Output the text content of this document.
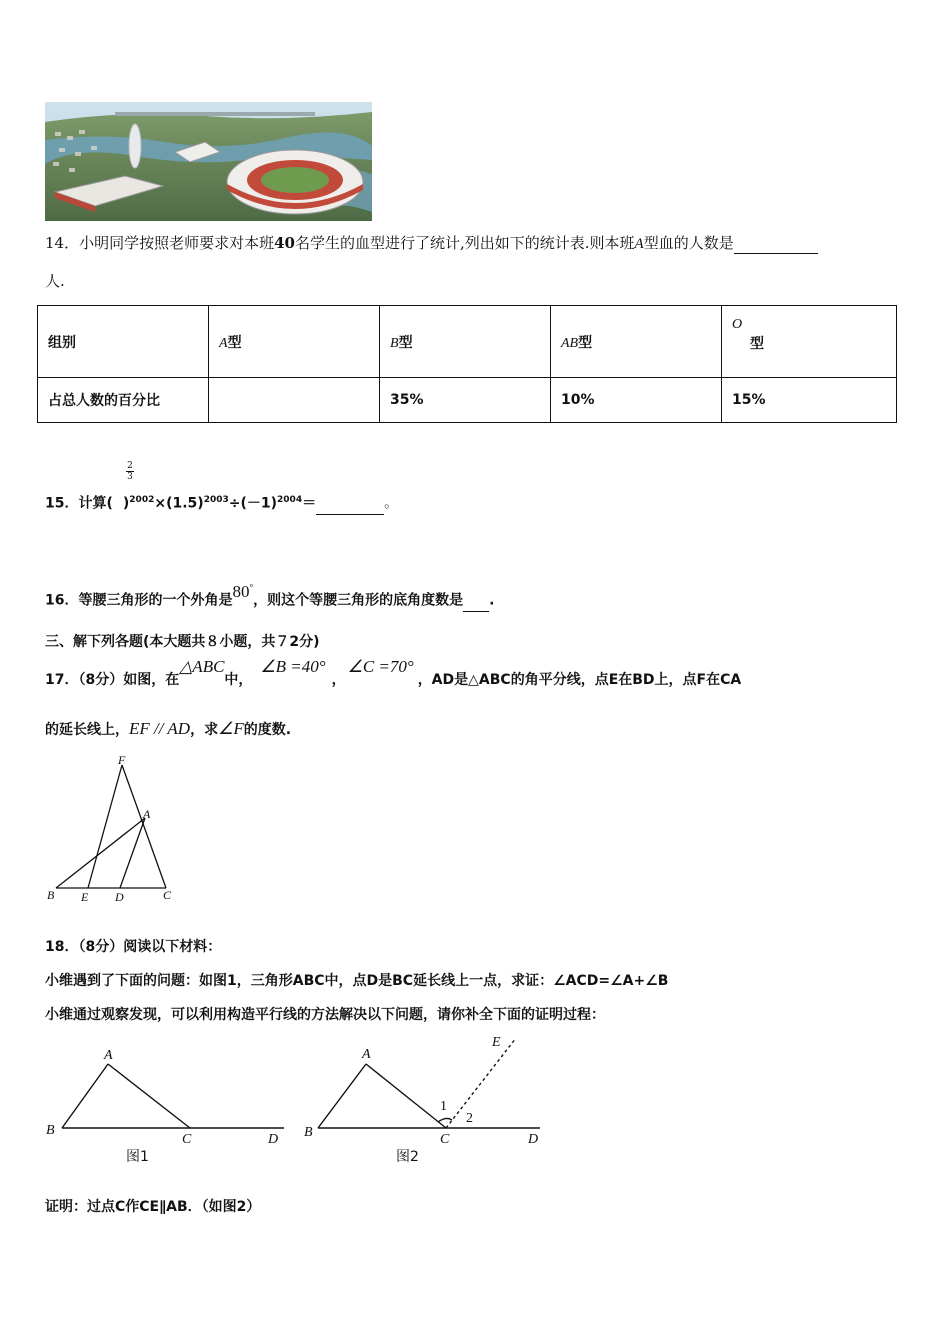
14．小明同学按照老师要求对本班40名学生的血型进行了统计,列出如下的统计表.则本班A型血的人数是
人.
组别	A型	B型	AB型	O
型

占总人数的百分比		35%	10%	15%
$\frac{2}{3}$
15．计算( )$^{2002}\times(1.5)^{2003}\div(-1)^{2004}=$	。
16．等腰三角形的一个外角是80°，则这个等腰三角形的底角度数是 .
三、解下列各题(本大题共８小题，共７2分)
17．（8分）如图，在△ABC中，∠B =40°，∠C =70°，AD是△ABC的角平分线，点E在BD上，点F在CA
的延长线上，EF // AD，求∠F的度数.
F
A
B E D	C
18．（8分）阅读以下材料：
小维遇到了下面的问题：如图1，三角形ABC中，点D是BC延长线上一点，求证：∠ACD=∠A+∠B
小维通过观察发现，可以利用构造平行线的方法解决以下问题，请你补全下面的证明过程：
A
B
C	D
图1
A
B	C	D
E
1
2
图2
证明：过点C作CE∥AB．（如图2）
